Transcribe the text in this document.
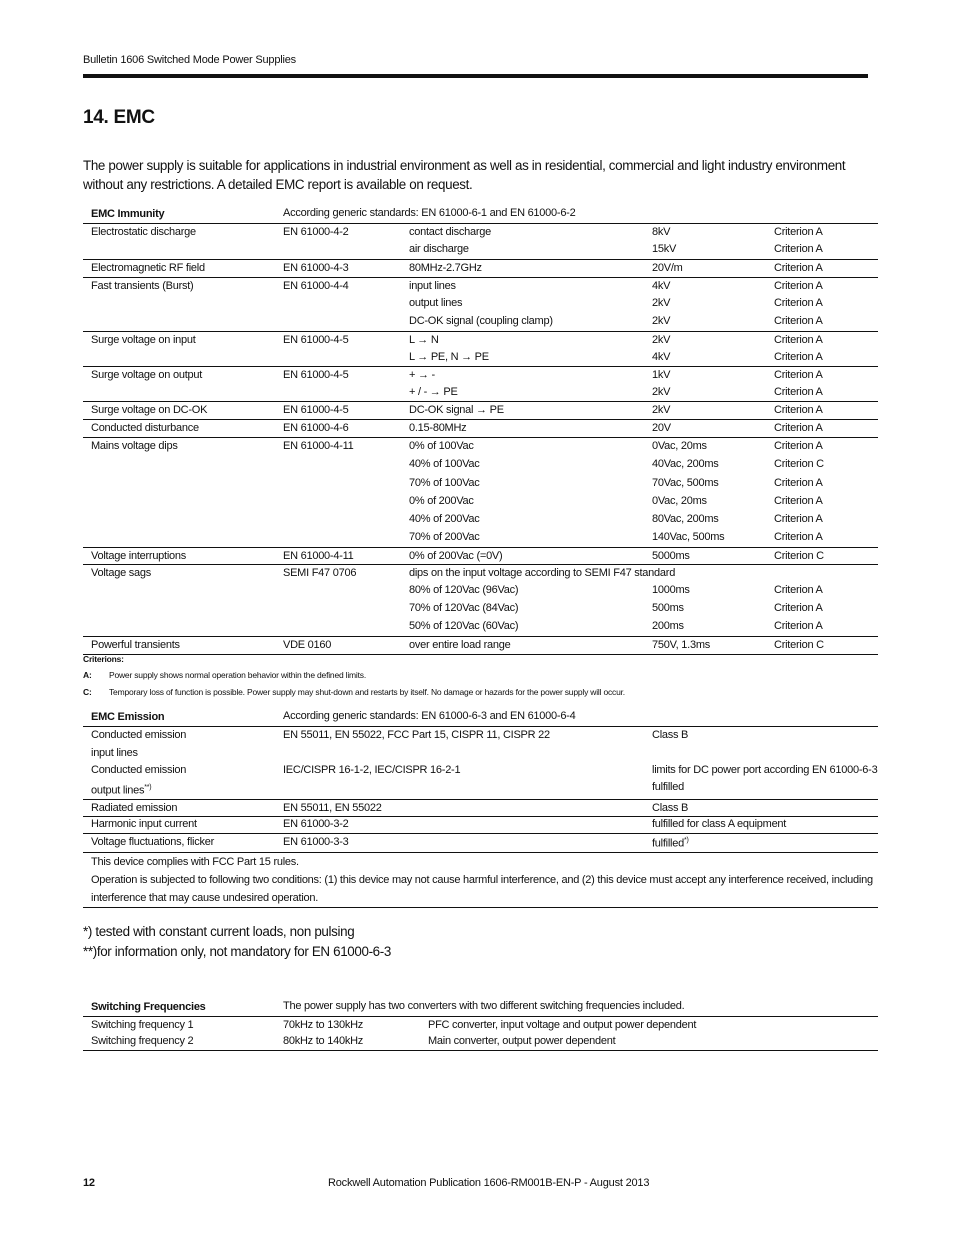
Bulletin 1606 Switched Mode Power Supplies
14. EMC
The power supply is suitable for applications in industrial environment as well as in residential, commercial and light industry environment without any restrictions. A detailed EMC report is available on request.
EMC Immunity	According generic standards: EN 61000-6-1 and EN 61000-6-2
Electrostatic discharge	EN 61000-4-2	contact discharge	8kV	Criterion A
air discharge	15kV	Criterion A
Electromagnetic RF field	EN 61000-4-3	80MHz-2.7GHz	20V/m	Criterion A
Fast transients (Burst)	EN 61000-4-4	input lines	4kV	Criterion A
output lines	2kV	Criterion A
DC-OK signal (coupling clamp)	2kV	Criterion A
Surge voltage on input	EN 61000-4-5	L → N	2kV	Criterion A
L → PE, N → PE	4kV	Criterion A
Surge voltage on output	EN 61000-4-5	+ → -	1kV	Criterion A
+ / - → PE	2kV	Criterion A
Surge voltage on DC-OK	EN 61000-4-5	DC-OK signal → PE	2kV	Criterion A
Conducted disturbance	EN 61000-4-6	0.15-80MHz	20V	Criterion A
Mains voltage dips	EN 61000-4-11	0% of 100Vac	0Vac, 20ms	Criterion A
40% of 100Vac	40Vac, 200ms	Criterion C
70% of 100Vac	70Vac, 500ms	Criterion A
0% of 200Vac	0Vac, 20ms	Criterion A
40% of 200Vac	80Vac, 200ms	Criterion A
70% of 200Vac	140Vac, 500ms	Criterion A
Voltage interruptions	EN 61000-4-11	0% of 200Vac (=0V)	5000ms	Criterion C
Voltage sags	SEMI F47 0706	dips on the input voltage according to SEMI F47 standard
80% of 120Vac (96Vac)	1000ms	Criterion A
70% of 120Vac (84Vac)	500ms	Criterion A
50% of 120Vac (60Vac)	200ms	Criterion A
Powerful transients	VDE 0160	over entire load range	750V, 1.3ms	Criterion C
Criterions:
A: Power supply shows normal operation behavior within the defined limits.
C: Temporary loss of function is possible. Power supply may shut-down and restarts by itself. No damage or hazards for the power supply will occur.
EMC Emission	According generic standards: EN 61000-6-3 and EN 61000-6-4
Conducted emission	EN 55011, EN 55022, FCC Part 15, CISPR 11, CISPR 22	Class B
input lines
Conducted emission	IEC/CISPR 16-1-2, IEC/CISPR 16-2-1	limits for DC power port according EN 61000-6-3
output lines**)	fulfilled
Radiated emission	EN 55011, EN 55022	Class B
Harmonic input current	EN 61000-3-2	fulfilled for class A equipment
Voltage fluctuations, flicker	EN 61000-3-3	fulfilled*)
This device complies with FCC Part 15 rules.
Operation is subjected to following two conditions: (1) this device may not cause harmful interference, and (2) this device must accept any interference received, including
interference that may cause undesired operation.
*) tested with constant current loads, non pulsing
**)for information only, not mandatory for EN 61000-6-3
Switching Frequencies	The power supply has two converters with two different switching frequencies included.
Switching frequency 1	70kHz to 130kHz	PFC converter, input voltage and output power dependent
Switching frequency 2	80kHz to 140kHz	Main converter, output power dependent
12	Rockwell Automation Publication 1606-RM001B-EN-P - August 2013
